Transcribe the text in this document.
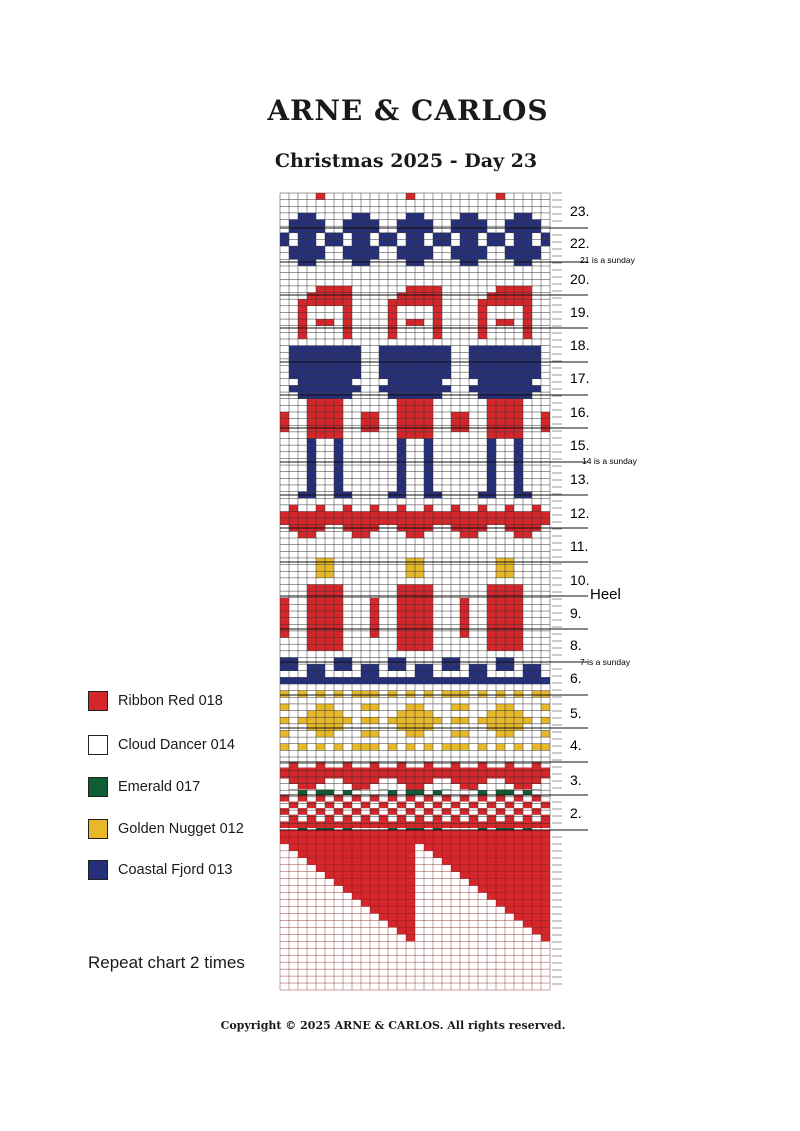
ARNE & CARLOS
Christmas 2025 - Day 23
23.
22.
20.
19.
18.
17.
16.
15.
13.
12.
11.
10.
9.
8.
6.
5.
4.
3.
2.
21 is a sunday
14 is a sunday
7 is a sunday
Heel
Ribbon Red 018
Cloud Dancer 014
Emerald 017
Golden Nugget 012
Coastal Fjord 013
Repeat chart 2 times
Copyright © 2025 ARNE & CARLOS. All rights reserved.
